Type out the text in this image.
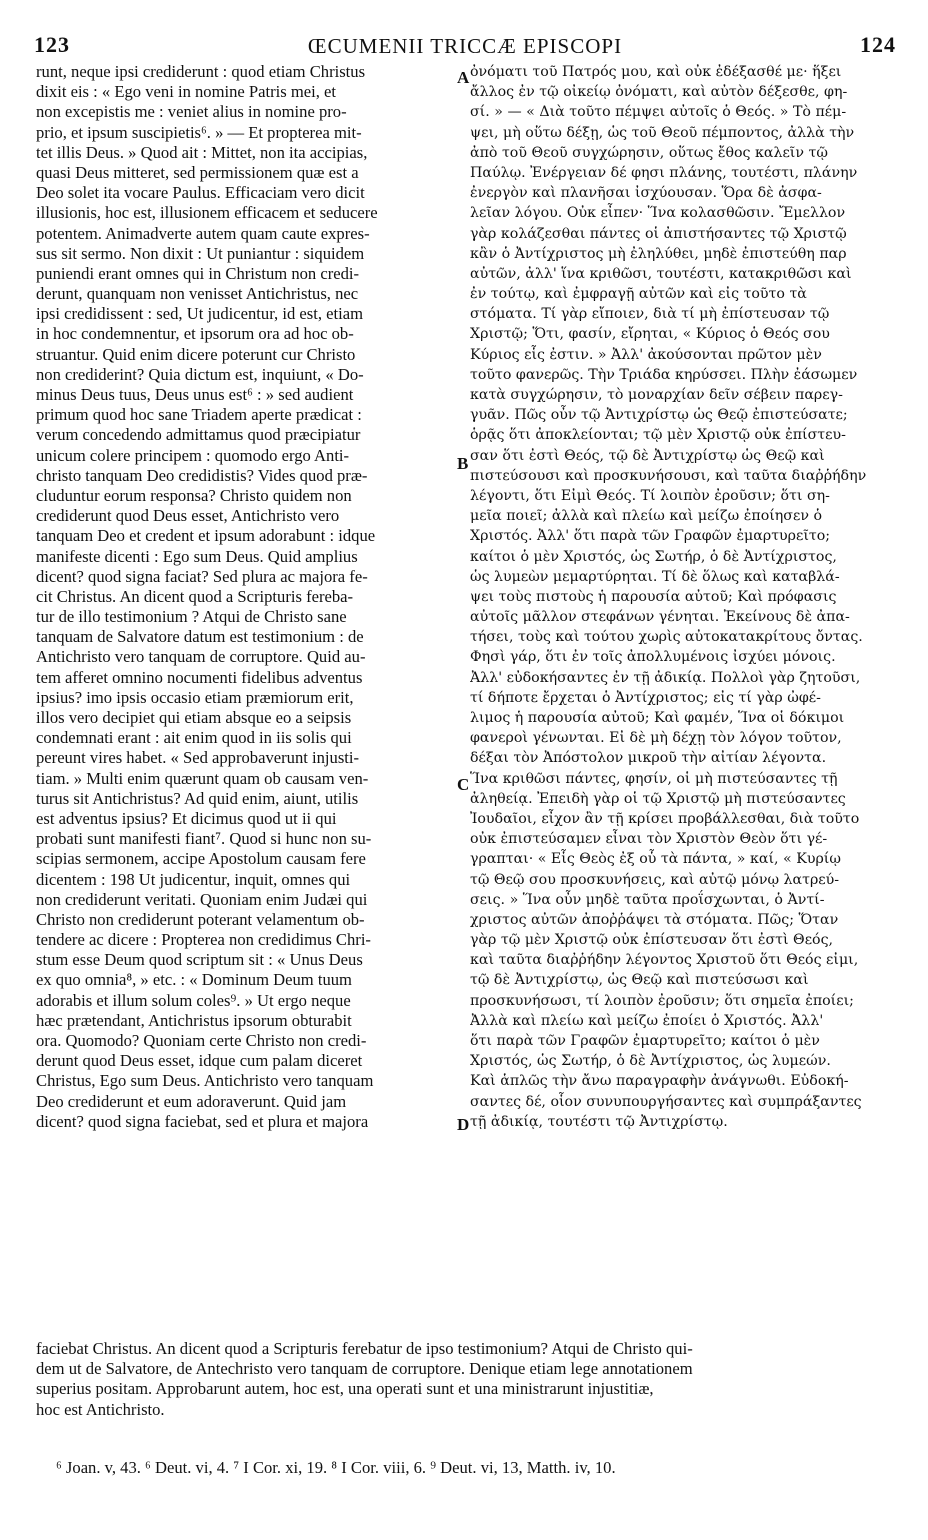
123	ŒCUMENII TRICCÆ EPISCOPI	124
runt, neque ipsi crediderunt : quod etiam Christus
dixit eis : « Ego veni in nomine Patris mei, et
non excepistis me : veniet alius in nomine pro-
prio, et ipsum suscipietis⁶. » — Et propterea mit-
tet illis Deus. » Quod ait : Mittet, non ita accipias,
quasi Deus mitteret, sed permissionem quæ est a
Deo solet ita vocare Paulus. Efficaciam vero dicit
illusionis, hoc est, illusionem efficacem et seducere
potentem. Animadverte autem quam caute expres-
sus sit sermo. Non dixit : Ut puniantur : siquidem
puniendi erant omnes qui in Christum non credi-
derunt, quanquam non venisset Antichristus, nec
ipsi credidissent : sed, Ut judicentur, id est, etiam
in hoc condemnentur, et ipsorum ora ad hoc ob-
struantur. Quid enim dicere poterunt cur Christo
non crediderint? Quia dictum est, inquiunt, « Do-
minus Deus tuus, Deus unus est⁶ : » sed audient
primum quod hoc sane Triadem aperte prædicat :
verum concedendo admittamus quod præcipiatur
unicum colere principem : quomodo ergo Anti-
christo tanquam Deo credidistis? Vides quod præ-
cluduntur eorum responsa? Christo quidem non
crediderunt quod Deus esset, Antichristo vero
tanquam Deo et credent et ipsum adorabunt : idque
manifeste dicenti : Ego sum Deus. Quid amplius
dicent? quod signa faciat? Sed plura ac majora fe-
cit Christus. An dicent quod a Scripturis fereba-
tur de illo testimonium ? Atqui de Christo sane
tanquam de Salvatore datum est testimonium : de
Antichristo vero tanquam de corruptore. Quid au-
tem afferet omnino nocumenti fidelibus adventus
ipsius? imo ipsis occasio etiam præmiorum erit,
illos vero decipiet qui etiam absque eo a seipsis
condemnati erant : ait enim quod in iis solis qui
pereunt vires habet. « Sed approbaverunt injusti-
tiam. » Multi enim quærunt quam ob causam ven-
turus sit Antichristus? Ad quid enim, aiunt, utilis
est adventus ipsius? Et dicimus quod ut ii qui
probati sunt manifesti fiant⁷. Quod si hunc non su-
scipias sermonem, accipe Apostolum causam fere
dicentem : 198 Ut judicentur, inquit, omnes qui
non crediderunt veritati. Quoniam enim Judæi qui
Christo non crediderunt poterant velamentum ob-
tendere ac dicere : Propterea non credidimus Chri-
stum esse Deum quod scriptum sit : « Unus Deus
ex quo omnia⁸, » etc. : « Dominum Deum tuum
adorabis et illum solum coles⁹. » Ut ergo neque
hæc prætendant, Antichristus ipsorum obturabit
ora. Quomodo? Quoniam certe Christo non credi-
derunt quod Deus esset, idque cum palam diceret
Christus, Ego sum Deus. Antichristo vero tanquam
Deo crediderunt et eum adoraverunt. Quid jam
dicent? quod signa faciebat, sed et plura et majora
A
B
C
D
ὀνόματι τοῦ Πατρός μου, καὶ οὐκ ἐδέξασθέ με· ἥξει
ἄλλος ἐν τῷ οἰκείῳ ὀνόματι, καὶ αὐτὸν δέξεσθε, φη-
σί. » — « Διὰ τοῦτο πέμψει αὐτοῖς ὁ Θεός. » Τὸ πέμ-
ψει, μὴ οὕτω δέξῃ, ὡς τοῦ Θεοῦ πέμποντος, ἀλλὰ τὴν
ἀπὸ τοῦ Θεοῦ συγχώρησιν, οὕτως ἔθος καλεῖν τῷ
Παύλῳ. Ἐνέργειαν δέ φησι πλάνης, τουτέστι, πλάνην
ἐνεργὸν καὶ πλανῆσαι ἰσχύουσαν. Ὅρα δὲ ἀσφα-
λεῖαν λόγου. Οὐκ εἶπεν· Ἵνα κολασθῶσιν. Ἔμελλον
γὰρ κολάζεσθαι πάντες οἱ ἀπιστήσαντες τῷ Χριστῷ
κἂν ὁ Ἀντίχριστος μὴ ἐληλύθει, μηδὲ ἐπιστεύθη παρ
αὐτῶν, ἀλλ' ἵνα κριθῶσι, τουτέστι, κατακριθῶσι καὶ
ἐν τούτῳ, καὶ ἐμφραγῇ αὐτῶν καὶ εἰς τοῦτο τὰ
στόματα. Τί γὰρ εἴποιεν, διὰ τί μὴ ἐπίστευσαν τῷ
Χριστῷ; Ὅτι, φασίν, εἴρηται, « Κύριος ὁ Θεός σου
Κύριος εἷς ἐστιν. » Ἀλλ' ἀκούσονται πρῶτον μὲν
τοῦτο φανερῶς. Τὴν Τριάδα κηρύσσει. Πλὴν ἐάσωμεν
κατὰ συγχώρησιν, τὸ μοναρχίαν δεῖν σέβειν παρεγ-
γυᾶν. Πῶς οὖν τῷ Ἀντιχρίστῳ ὡς Θεῷ ἐπιστεύσατε;
ὁρᾷς ὅτι ἀποκλείονται; τῷ μὲν Χριστῷ οὐκ ἐπίστευ-
σαν ὅτι ἐστὶ Θεός, τῷ δὲ Ἀντιχρίστῳ ὡς Θεῷ καὶ
πιστεύσουσι καὶ προσκυνήσουσι, καὶ ταῦτα διαῤῥήδην
λέγοντι, ὅτι Εἰμὶ Θεός. Τί λοιπὸν ἐροῦσιν; ὅτι ση-
μεῖα ποιεῖ; ἀλλὰ καὶ πλείω καὶ μείζω ἐποίησεν ὁ
Χριστός. Ἀλλ' ὅτι παρὰ τῶν Γραφῶν ἐμαρτυρεῖτο;
καίτοι ὁ μὲν Χριστός, ὡς Σωτήρ, ὁ δὲ Ἀντίχριστος,
ὡς λυμεὼν μεμαρτύρηται. Τί δὲ ὅλως καὶ καταβλά-
ψει τοὺς πιστοὺς ἡ παρουσία αὐτοῦ; Καὶ πρόφασις
αὐτοῖς μᾶλλον στεφάνων γένηται. Ἐκείνους δὲ ἀπα-
τήσει, τοὺς καὶ τούτου χωρὶς αὐτοκατακρίτους ὄντας.
Φησὶ γάρ, ὅτι ἐν τοῖς ἀπολλυμένοις ἰσχύει μόνοις.
Ἀλλ' εὐδοκήσαντες ἐν τῇ ἀδικίᾳ. Πολλοὶ γὰρ ζητοῦσι,
τί δήποτε ἔρχεται ὁ Ἀντίχριστος; εἰς τί γὰρ ὠφέ-
λιμος ἡ παρουσία αὐτοῦ; Καὶ φαμέν, Ἵνα οἱ δόκιμοι
φανεροὶ γένωνται. Εἰ δὲ μὴ δέχῃ τὸν λόγον τοῦτον,
δέξαι τὸν Ἀπόστολον μικροῦ τὴν αἰτίαν λέγοντα.
Ἵνα κριθῶσι πάντες, φησίν, οἱ μὴ πιστεύσαντες τῇ
ἀληθείᾳ. Ἐπειδὴ γὰρ οἱ τῷ Χριστῷ μὴ πιστεύσαντες
Ἰουδαῖοι, εἶχον ἂν τῇ κρίσει προβάλλεσθαι, διὰ τοῦτο
οὐκ ἐπιστεύσαμεν εἶναι τὸν Χριστὸν Θεὸν ὅτι γέ-
γραπται· « Εἷς Θεὸς ἐξ οὗ τὰ πάντα, » καί, « Κυρίῳ
τῷ Θεῷ σου προσκυνήσεις, καὶ αὐτῷ μόνῳ λατρεύ-
σεις. » Ἵνα οὖν μηδὲ ταῦτα προΐσχωνται, ὁ Ἀντί-
χριστος αὐτῶν ἀποῤῥάψει τὰ στόματα. Πῶς; Ὅταν
γὰρ τῷ μὲν Χριστῷ οὐκ ἐπίστευσαν ὅτι ἐστὶ Θεός,
καὶ ταῦτα διαῤῥήδην λέγοντος Χριστοῦ ὅτι Θεός εἰμι,
τῷ δὲ Ἀντιχρίστῳ, ὡς Θεῷ καὶ πιστεύσωσι καὶ
προσκυνήσωσι, τί λοιπὸν ἐροῦσιν; ὅτι σημεῖα ἐποίει;
Ἀλλὰ καὶ πλείω καὶ μείζω ἐποίει ὁ Χριστός. Ἀλλ'
ὅτι παρὰ τῶν Γραφῶν ἐμαρτυρεῖτο; καίτοι ὁ μὲν
Χριστός, ὡς Σωτήρ, ὁ δὲ Ἀντίχριστος, ὡς λυμεών.
Καὶ ἁπλῶς τὴν ἄνω παραγραφὴν ἀνάγνωθι. Εὐδοκή-
σαντες δέ, οἷον συνυπουργήσαντες καὶ συμπράξαντες
τῇ ἀδικίᾳ, τουτέστι τῷ Ἀντιχρίστῳ.
faciebat Christus. An dicent quod a Scripturis ferebatur de ipso testimonium? Atqui de Christo qui-
dem ut de Salvatore, de Antechristo vero tanquam de corruptore. Denique etiam lege annotationem
superius positam. Approbarunt autem, hoc est, una operati sunt et una ministrarunt injustitiæ,
hoc est Antichristo.
⁶ Joan. v, 43. ⁶ Deut. vi, 4. ⁷ I Cor. xi, 19. ⁸ I Cor. viii, 6. ⁹ Deut. vi, 13, Matth. iv, 10.
